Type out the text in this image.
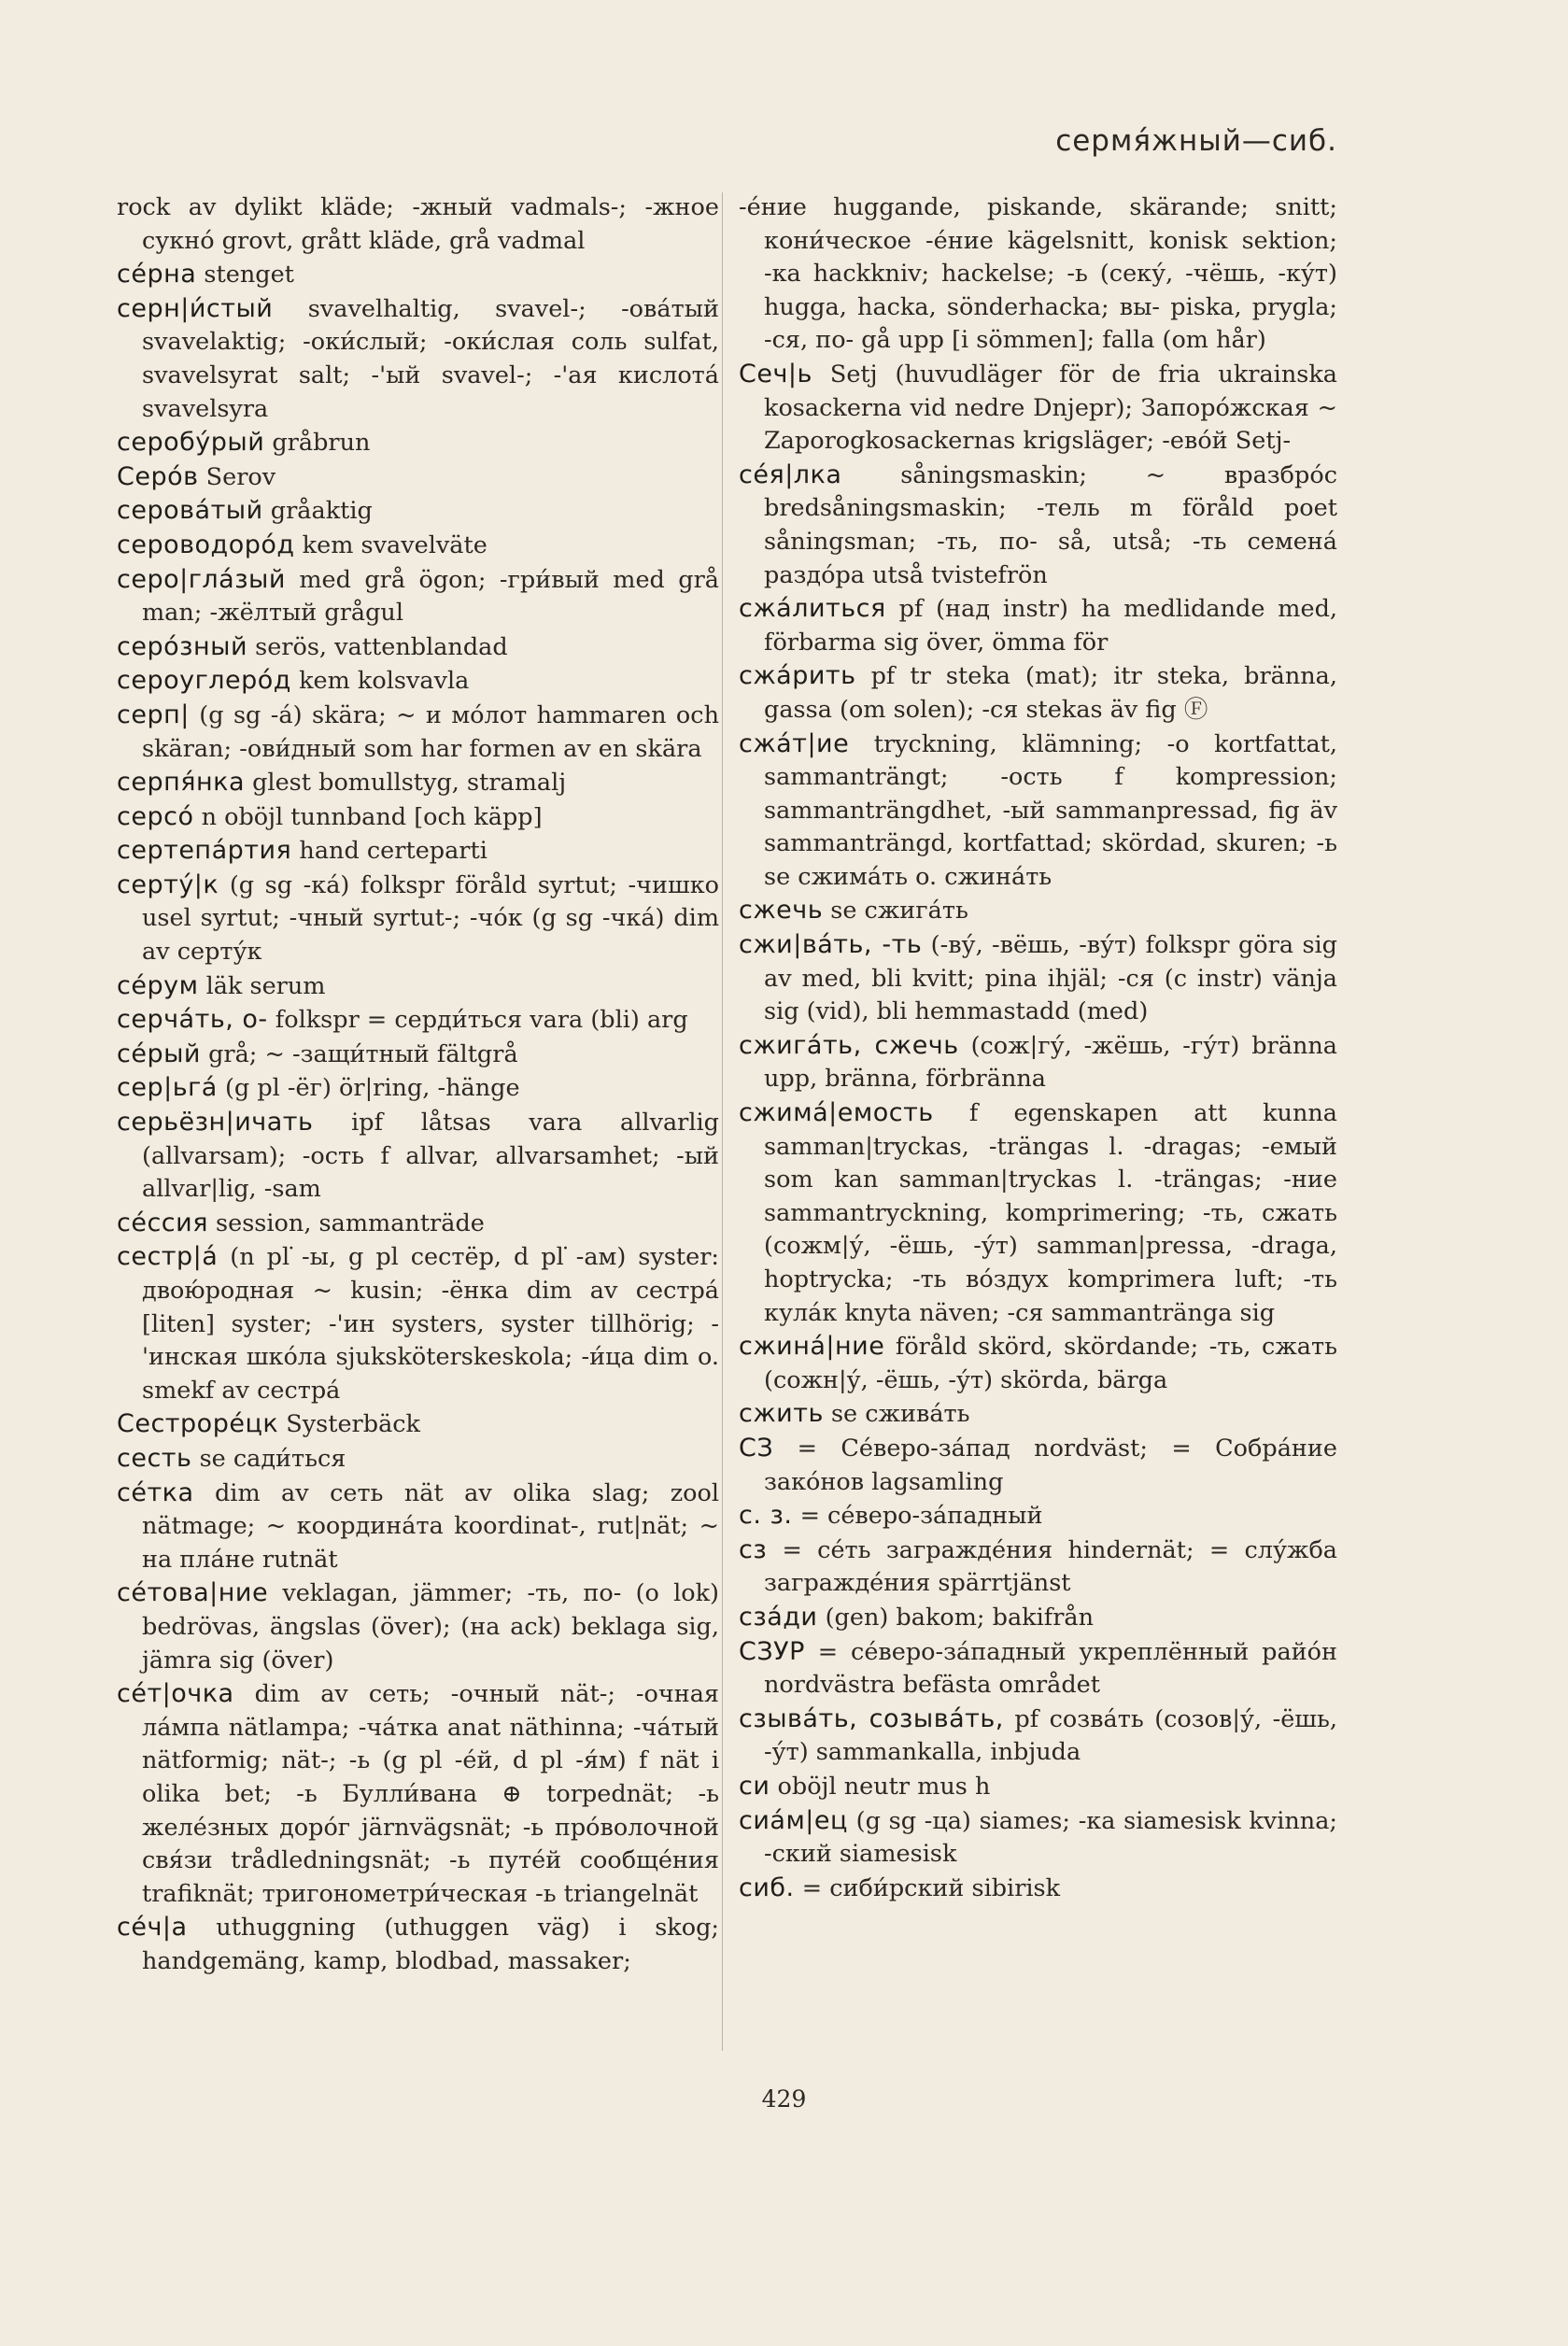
сермя́жный—сиб.
rock av dylikt kläde; -жный vadmals-; -жное сукно́ grovt, grått kläde, grå vadmal
се́рна stenget
серн|и́стый svavelhaltig, svavel-; -ова́тый svavelaktig; -оки́слый; -оки́слая соль sulfat, svavelsyrat salt; -'ый svavel-; -'ая кислота́ svavelsyra
серобу́рый gråbrun
Серо́в Serov
серова́тый gråaktig
сероводоро́д kem svavelväte
серо|гла́зый med grå ögon; -гри́вый med grå man; -жёлтый grågul
серо́зный serös, vattenblandad
сероуглеро́д kem kolsvavla
серп| (g sg -а́) skära; ~ и мо́лот hammaren och skäran; -ови́дный som har formen av en skära
серпя́нка glest bomullstyg, stramalj
серсо́ n oböjl tunnband [och käpp]
сертепа́ртия hand certeparti
серту́|к (g sg -ка́) folkspr föråld syrtut; -чишко usel syrtut; -чный syrtut-; -чо́к (g sg -чка́) dim av серту́к
се́рум läk serum
серча́ть, о- folkspr = серди́ться vara (bli) arg
се́рый grå; ~ -защи́тный fältgrå
сер|ьга́ (g pl -ёг) ör|ring, -hänge
серьёзн|ичать ipf låtsas vara allvarlig (allvarsam); -ость f allvar, allvarsamhet; -ый allvar|lig, -sam
се́ссия session, sammanträde
сестр|а́ (n pl ̇-ы, g pl сестёр, d pl ̇-ам) syster: двою́родная ~ kusin; -ёнка dim av сестра́ [liten] syster; -'ин systers, syster tillhörig; -'инская шко́ла sjuksköterskeskola; -и́ца dim o. smekf av сестра́
Сестроре́цк Systerbäck
сесть se сади́ться
се́тка dim av сеть nät av olika slag; zool nätmage; ~ координа́та koordinat-, rut|nät; ~ на пла́не rutnät
се́това|ние veklagan, jämmer; -ть, по- (o lok) bedrövas, ängslas (över); (на ack) beklaga sig, jämra sig (över)
се́т|очка dim av сеть; -очный nät-; -очная ла́мпа nätlampa; -ча́тка anat näthinna; -ча́тый nätformig; nät-; -ь (g pl -е́й, d pl -я́м) f nät i olika bet; -ь Булли́вана ⊕ torpednät; -ь желе́зных доро́г järnvägsnät; -ь про́волочной свя́зи trådledningsnät; -ь путе́й сообще́ния trafiknät; тригонометри́ческая -ь triangelnät
се́ч|а uthuggning (uthuggen väg) i skog; handgemäng, kamp, blodbad, massaker;
-е́ние huggande, piskande, skärande; snitt; кони́ческое -е́ние kägelsnitt, konisk sektion; -ка hackkniv; hackelse; -ь (секу́, -чёшь, -ку́т) hugga, hacka, sönderhacka; вы- piska, prygla; -ся, по- gå upp [i sömmen]; falla (om hår)
Сеч|ь Setj (huvudläger för de fria ukrainska kosackerna vid nedre Dnjepr); Запоро́жская ~ Zaporogkosackernas krigsläger; -ево́й Setj-
се́я|лка såningsmaskin; ~ вразбро́с bredsåningsmaskin; -тель m föråld poet såningsman; -ть, по- så, utså; -ть семена́ раздо́ра utså tvistefrön
сжа́литься pf (над instr) ha medlidande med, förbarma sig över, ömma för
сжа́рить pf tr steka (mat); itr steka, bränna, gassa (om solen); -ся stekas äv fig Ⓕ
сжа́т|ие tryckning, klämning; -о kortfattat, sammanträngt; -ость f kompression; sammanträngdhet, -ый sammanpressad, fig äv sammanträngd, kortfattad; skördad, skuren; -ь se сжима́ть o. сжина́ть
сжечь se сжига́ть
сжи|ва́ть, -ть (-ву́, -вёшь, -ву́т) folkspr göra sig av med, bli kvitt; pina ihjäl; -ся (с instr) vänja sig (vid), bli hemmastadd (med)
сжига́ть, сжечь (сож|гу́, -жёшь, -гу́т) bränna upp, bränna, förbränna
сжима́|емость f egenskapen att kunna samman|tryckas, -trängas l. -dragas; -емый som kan samman|tryckas l. -trängas; -ние sammantryckning, komprimering; -ть, сжать (сожм|у́, -ёшь, -у́т) samman|pressa, -draga, hoptrycka; -ть во́здух komprimera luft; -ть кула́к knyta näven; -ся sammantränga sig
сжина́|ние föråld skörd, skördande; -ть, сжать (сожн|у́, -ёшь, -у́т) skörda, bärga
сжить se сжива́ть
СЗ = Се́веро-за́пад nordväst; = Собра́ние зако́нов lagsamling
с. з. = се́веро-за́падный
сз = се́ть загражде́ния hindernät; = слу́жба загражде́ния spärrtjänst
сза́ди (gen) bakom; bakifrån
СЗУР = се́веро-за́падный укреплённый райо́н nordvästra befästa området
сзыва́ть, созыва́ть, pf созва́ть (созов|у́, -ёшь, -у́т) sammankalla, inbjuda
си oböjl neutr mus h
сиа́м|ец (g sg -ца) siames; -ка siamesisk kvinna; -ский siamesisk
сиб. = сиби́рский sibirisk
429
